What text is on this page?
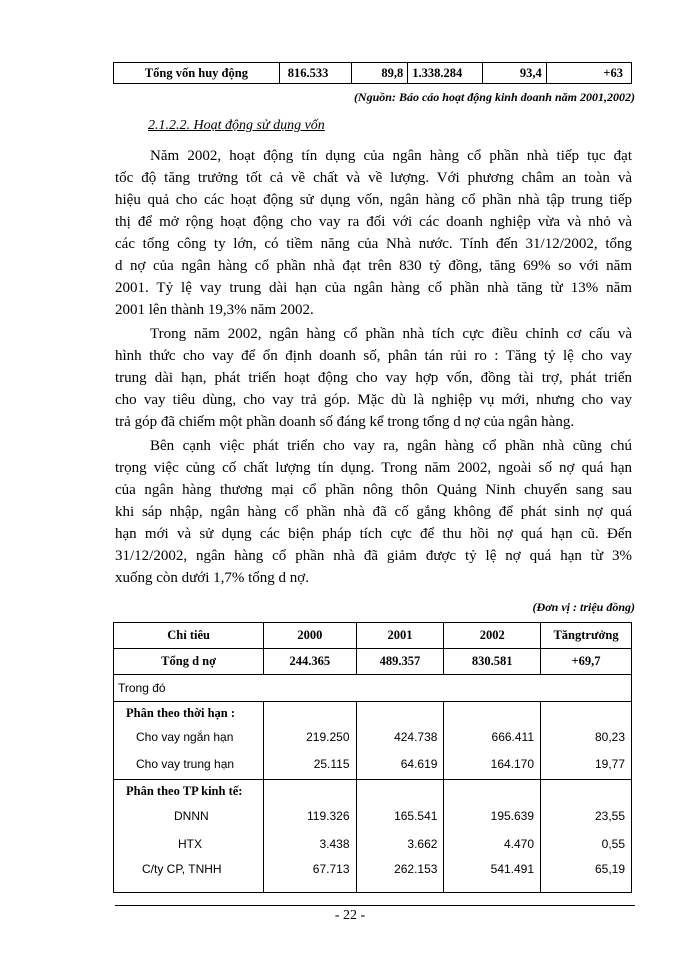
Tổng vốn huy động	816.533	89,8	1.338.284	93,4	+63
(Nguồn: Báo cáo hoạt động kinh doanh năm 2001,2002)
2.1.2.2. Hoạt động sử dụng vốn
Năm 2002, hoạt động tín dụng của ngân hàng cổ phần nhà tiếp tục đạt
tốc độ tăng trưởng tốt cả về chất và về lượng. Với phương châm an toàn và
hiệu quả cho các hoạt động sử dụng vốn, ngân hàng cổ phần nhà tập trung tiếp
thị để mở rộng hoạt động cho vay ra đối với các doanh nghiệp vừa và nhỏ và
các tổng công ty lớn, có tiềm năng của Nhà nước. Tính đến 31/12/2002, tổng
d nợ của ngân hàng cổ phần nhà đạt trên 830 tỷ đồng, tăng 69% so với năm
2001. Tỷ lệ vay trung dài hạn của ngân hàng cổ phần nhà tăng từ 13% năm
2001 lên thành 19,3% năm 2002.
Trong năm 2002, ngân hàng cổ phần nhà tích cực điều chỉnh cơ cấu và
hình thức cho vay để ổn định doanh số, phân tán rủi ro : Tăng tỷ lệ cho vay
trung dài hạn, phát triển hoạt động cho vay hợp vốn, đồng tài trợ, phát triển
cho vay tiêu dùng, cho vay trả góp. Mặc dù là nghiệp vụ mới, nhưng cho vay
trả góp đã chiếm một phần doanh số đáng kể trong tổng d nợ của ngân hàng.
Bên cạnh việc phát triển cho vay ra, ngân hàng cổ phần nhà cũng chú
trọng việc củng cố chất lượng tín dụng. Trong năm 2002, ngoài số nợ quá hạn
của ngân hàng thương mại cổ phần nông thôn Quảng Ninh chuyển sang sau
khi sáp nhập, ngân hàng cổ phần nhà đã cố gắng không để phát sinh nợ quá
hạn mới và sử dụng các biện pháp tích cực để thu hồi nợ quá hạn cũ. Đến
31/12/2002, ngân hàng cổ phần nhà đã giảm được tỷ lệ nợ quá hạn từ 3%
xuống còn dưới 1,7% tổng d nợ.
(Đơn vị : triệu đồng)
Chỉ tiêu	2000	2001	2002	Tăngtrưởng
Tổng d nợ	244.365	489.357	830.581	+69,7
Trong đó				
Phân theo thời hạn :				
Cho vay ngắn hạn	219.250	424.738	666.411	80,23
Cho vay trung hạn	25.115	64.619	164.170	19,77
Phân theo TP kinh tế:				
DNNN	119.326	165.541	195.639	23,55
HTX	3.438	3.662	4.470	0,55
C/ty CP, TNHH	67.713	262.153	541.491	65,19
- 22 -
